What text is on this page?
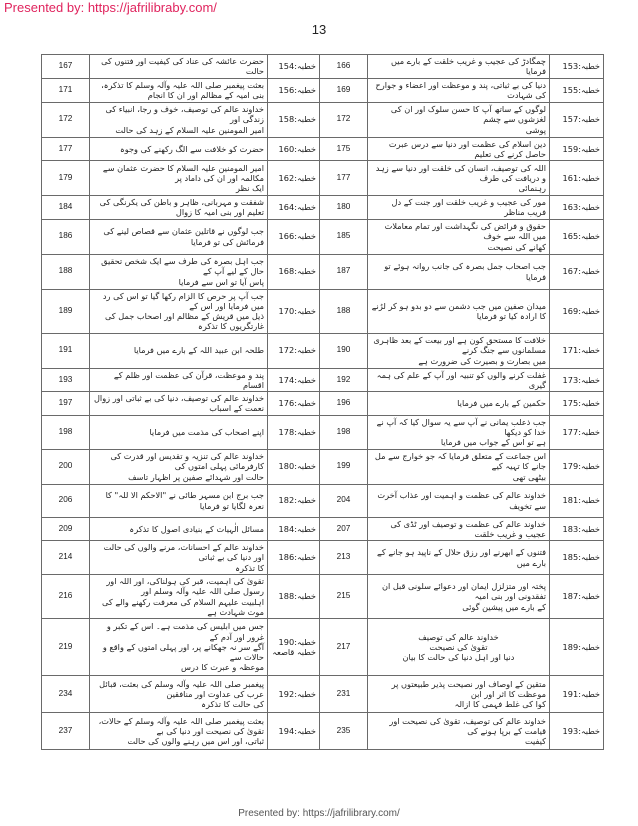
Presented by: https://jafrilibraby.com/
13
167	حضرت عائشہ کی عناد کی کیفیت اور فتنوں کی حالت	خطبہ:154	166	چمگادڑ کی عجیب و غریب خلقت کے بارے میں فرمایا	خطبہ:153
171	بعثت پیغمبر صلی اللہ علیہ وآلہ وسلم کا تذکرہ، بنی امیہ کے مظالم اور ان کا انجام	خطبہ:156	169	دنیا کی بے ثباتی، پند و موعظت اور اعضاء و جوارح کی شہادت	خطبہ:155
172	خداوند عالم کی توصیف، خوف و رجا، انبیاء کی زندگی اور
امیر المومنین علیہ السلام کے زہد کی حالت	خطبہ:158	172	لوگوں کے ساتھ آپ کا حسن سلوک اور ان کی لغزشوں سے چشم
پوشی	خطبہ:157
177	حضرت کو خلافت سے الگ رکھنے کی وجوہ	خطبہ:160	175	دین اسلام کی عظمت اور دنیا سے درس عبرت حاصل کرنے کی تعلیم	خطبہ:159
179	امیر المومنین علیہ السلام کا حضرت عثمان سے مکالمہ اور ان کی داماد پر
ایک نظر	خطبہ:162	177	اللہ کی توصیف، انسان کی خلقت اور دنیا سے زہد و دریافت کی طرف
رہنمائی	خطبہ:161
184	شفقت و مہربانی، ظاہر و باطن کی یکرنگی کی تعلیم اور بنی امیہ کا زوال	خطبہ:164	180	مور کی عجیب و غریب خلقت اور جنت کے دل فریب مناظر	خطبہ:163
186	جب لوگوں نے قاتلین عثمان سے قصاص لینے کی فرمائش کی تو فرمایا	خطبہ:166	185	حقوق و فرائض کی نگہداشت اور تمام معاملات میں اللہ سے خوف
کھانے کی نصیحت	خطبہ:165
188	جب اہل بصرہ کی طرف سے ایک شخص تحقیق حال کے لیے آپ کے
پاس آیا تو اس سے فرمایا	خطبہ:168	187	جب اصحاب جمل بصرہ کی جانب روانہ ہوئے تو فرمایا	خطبہ:167
189	جب آپ پر حرص کا الزام رکھا گیا تو اس کی رد میں فرمایا اور اس کے
ذیل میں قریش کے مظالم اور اصحاب جمل کی غارتگریوں کا تذکرہ	خطبہ:170	188	میدان صفین میں جب دشمن سے دو بدو ہو کر لڑنے کا ارادہ کیا تو فرمایا	خطبہ:169
191	طلحہ ابن عبید اللہ کے بارے میں فرمایا	خطبہ:172	190	خلافت کا مستحق کون ہے اور بیعت کے بعد ظاہری مسلمانوں سے جنگ کرنے
میں بصارت و بصیرت کی ضرورت ہے	خطبہ:171
193	پند و موعظت، قرآن کی عظمت اور ظلم کے اقسام	خطبہ:174	192	غفلت کرنے والوں کو تنبیہ اور آپ کے علم کی ہمہ گیری	خطبہ:173
197	خداوند عالم کی توصیف، دنیا کی بے ثباتی اور زوال نعمت کے اسباب	خطبہ:176	196	حکمین کے بارے میں فرمایا	خطبہ:175
198	اپنے اصحاب کی مذمت میں فرمایا	خطبہ:178	198	جب ذعلب یمانی نے آپ سے یہ سوال کیا کہ آپ نے خدا کو دیکھا
ہے تو اس کے جواب میں فرمایا	خطبہ:177
200	خداوند عالم کی تنزیہ و تقدیس اور قدرت کی کارفرمائی پہلی امتوں کی
حالت اور شہدائے صفین پر اظہار تاسف	خطبہ:180	199	اس جماعت کے متعلق فرمایا کہ جو خوارج سے مل جانے کا تہیہ کیے
بیٹھی تھی	خطبہ:179
206	جب برج ابن مسہر طائی نے "الاحکم الا للہ" کا نعرہ لگایا تو فرمایا	خطبہ:182	204	خداوند عالم کی عظمت و اہمیت اور عذاب آخرت
سے تخویف	خطبہ:181
209	مسائل الٰہیات کے بنیادی اصول کا تذکرہ	خطبہ:184	207	خداوند عالم کی عظمت و توصیف اور ٹڈی کی عجیب و غریب خلقت	خطبہ:183
214	خداوند عالم کے احسانات، مرنے والوں کی حالت اور دنیا کی بے ثباتی
کا تذکرہ	خطبہ:186	213	فتنوں کے ابھرنے اور رزق حلال کے ناپید ہو جانے کے بارے میں	خطبہ:185
216	تقویٰ کی اہمیت، قبر کی ہولناکی، اور اللہ اور رسول صلی اللہ علیہ وآلہ وسلم اور
اہلبیت علیہم السلام کی معرفت رکھنے والے کی موت شہادت ہے	خطبہ:188	215	پختہ اور متزلزل ایمان اور دعوائے سلونی قبل ان تفقدونی اور بنی امیہ
کے بارے میں پیشین گوئی	خطبہ:187
219	جس میں ابلیس کی مذمت ہے۔ اس کے تکبر و غرور اور آدم کے
آگے سر نہ جھکانے پر، اور پہلی امتوں کے واقع و حالات سے
موعظہ و عبرت کا درس	خطبہ:190
خطبہ قاصعہ	217	خداوند عالم کی توصیف
تقویٰ کی نصیحت
دنیا اور اہل دنیا کی حالت کا بیان	خطبہ:189
234	پیغمبر صلی اللہ علیہ وآلہ وسلم کی بعثت، قبائل عرب کی عداوت اور منافقین
کی حالت کا تذکرہ	خطبہ:192	231	متقین کے اوصاف اور نصیحت پذیر طبیعتوں پر موعظت کا اثر اور ابن
کوا کی غلط فہمی کا ازالہ	خطبہ:191
237	بعثت پیغمبر صلی اللہ علیہ وآلہ وسلم کے حالات، تقویٰ کی نصیحت اور دنیا کی بے
ثباتی، اور اس میں رہنے والوں کی حالت	خطبہ:194	235	خداوند عالم کی توصیف، تقویٰ کی نصیحت اور قیامت کے برپا ہونے کی
کیفیت	خطبہ:193
Presented by: https://jafrilibrary.com/
